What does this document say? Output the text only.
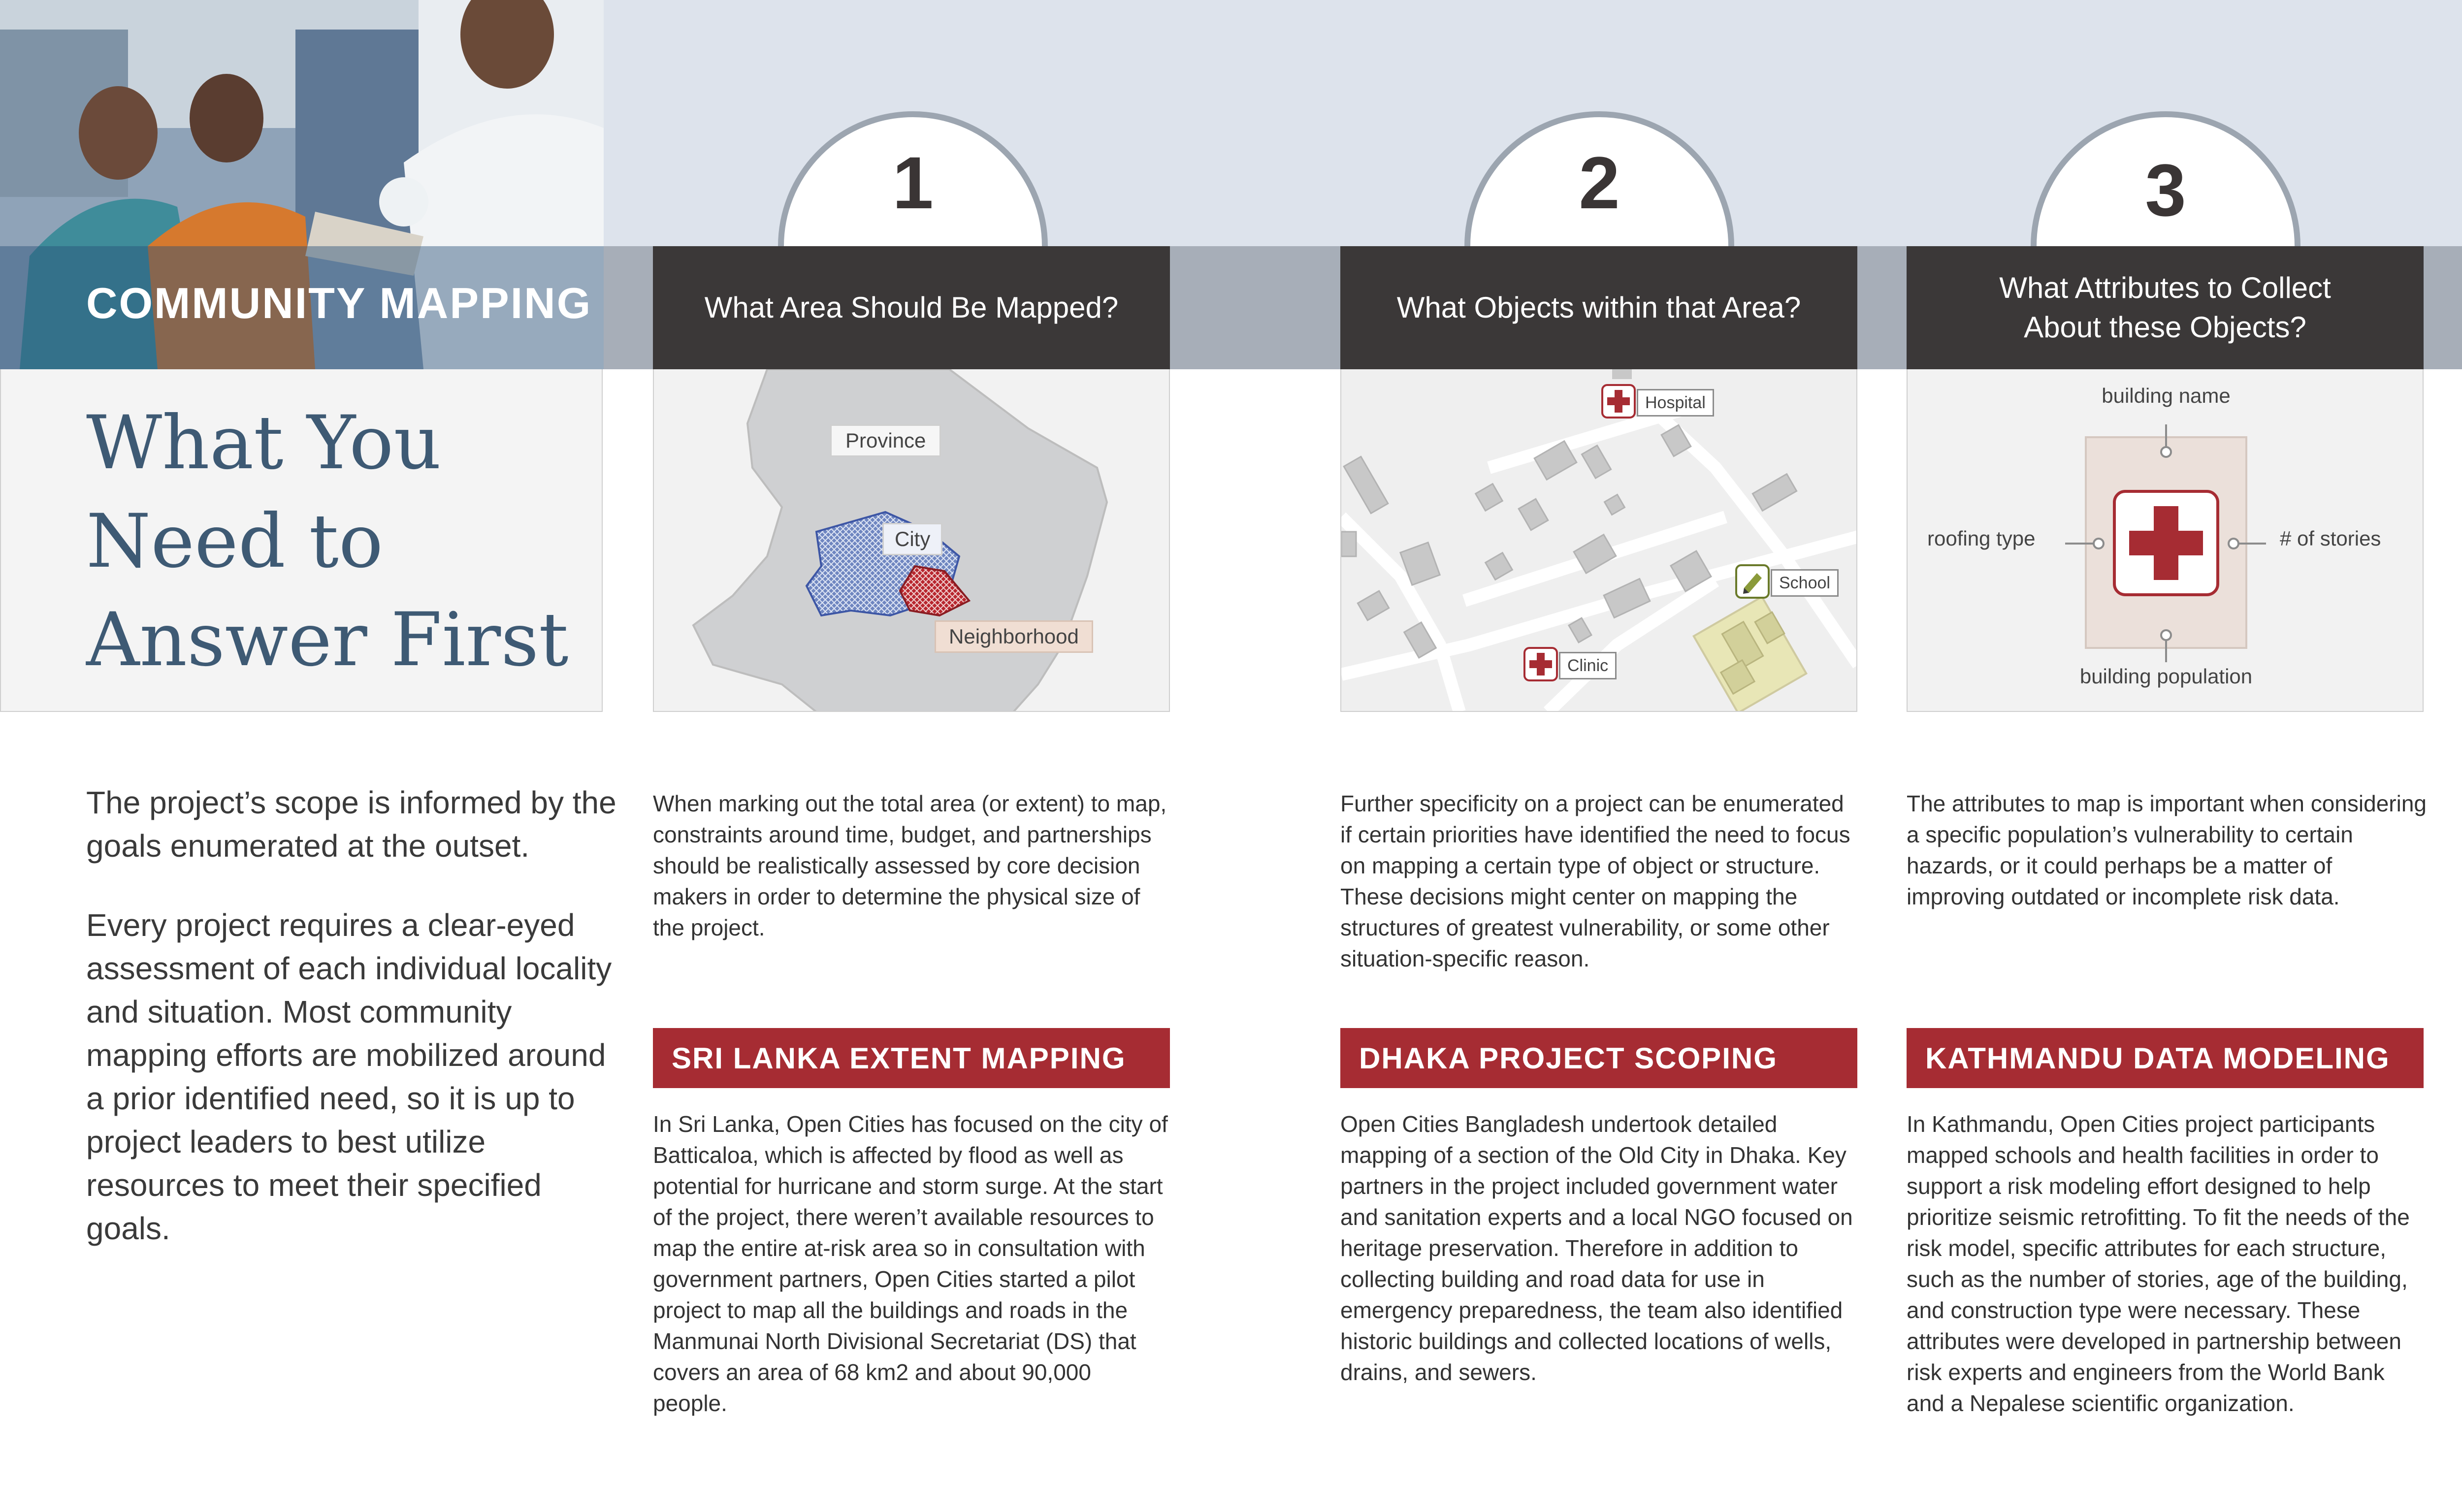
COMMUNITY MAPPING
What You
Need to
Answer First
1	2	3
What Area Should Be Mapped?	What Objects within that Area?
What Attributes to Collect
About these Objects?
Province
City
Neighborhood
Hospital
School
Clinic
building name
roofing type	# of stories
building population
The project’s scope is informed by the goals enumerated at the outset.
Every project requires a clear-eyed assessment of each individual locality and situation. Most community mapping efforts are mobilized around a prior identified need, so it is up to project leaders to best utilize resources to meet their specified goals.
When marking out the total area (or extent) to map, constraints around time, budget, and partnerships should be realistically assessed by core decision makers in order to determine the physical size of the project.
Further specificity on a project can be enumerated if certain priorities have identified the need to focus on mapping a certain type of object or structure. These decisions might center on mapping the structures of greatest vulnerability, or some other situation-specific reason.
The attributes to map is important when considering a specific population’s vulnerability to certain hazards, or it could perhaps be a matter of improving outdated or incomplete risk data.
SRI LANKA EXTENT MAPPING	DHAKA PROJECT SCOPING	KATHMANDU DATA MODELING
In Sri Lanka, Open Cities has focused on the city of Batticaloa, which is affected by flood as well as potential for hurricane and storm surge. At the start of the project, there weren’t available resources to map the entire at-risk area so in consultation with government partners, Open Cities started a pilot project to map all the buildings and roads in the Manmunai North Divisional Secretariat (DS) that covers an area of 68 km2 and about 90,000 people.
Open Cities Bangladesh undertook detailed mapping of a section of the Old City in Dhaka. Key partners in the project included government water and sanitation experts and a local NGO focused on heritage preservation. Therefore in addition to collecting building and road data for use in emergency preparedness, the team also identified historic buildings and collected locations of wells, drains, and sewers.
In Kathmandu, Open Cities project participants mapped schools and health facilities in order to support a risk modeling effort designed to help prioritize seismic retrofitting. To fit the needs of the risk model, specific attributes for each structure, such as the number of stories, age of the building, and construction type were necessary. These attributes were developed in partnership between risk experts and engineers from the World Bank and a Nepalese scientific organization.
